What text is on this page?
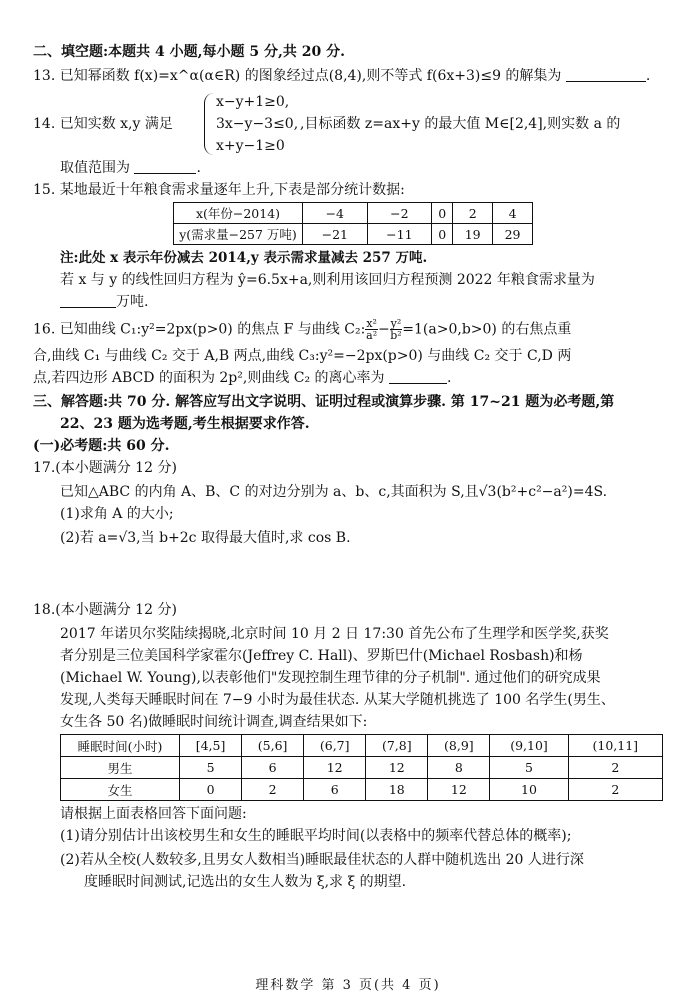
二、填空题:本题共 4 小题,每小题 5 分,共 20 分.
13. 已知幂函数 f(x)=x^α(α∈R) 的图象经过点(8,4),则不等式 f(6x+3)≤9 的解集为	.
14. 已知实数 x,y 满足
x−y+1≥0,
3x−y−3≤0,
x+y−1≥0
,目标函数 z=ax+y 的最大值 M∈[2,4],则实数 a 的
取值范围为	.
15. 某地最近十年粮食需求量逐年上升,下表是部分统计数据:
x(年份−2014)	−4	−2	0	2	4
y(需求量−257 万吨)	−21	−11	0	19	29
注:此处 x 表示年份减去 2014,y 表示需求量减去 257 万吨.
若 x 与 y 的线性回归方程为 ŷ=6.5x+a,则利用该回归方程预测 2022 年粮食需求量为
万吨.
16. 已知曲线 C₁:y²=2px(p>0) 的焦点 F 与曲线 C₂: $\frac{\text{x²}}{\text{a²}} - \frac{\text{y²}}{\text{b²}} =1(a>0,b>0)$ 的右焦点重
合,曲线 C₁ 与曲线 C₂ 交于 A,B 两点,曲线 C₃:y²=−2px(p>0) 与曲线 C₂ 交于 C,D 两
点,若四边形 ABCD 的面积为 2p²,则曲线 C₂ 的离心率为	.
三、解答题:共 70 分. 解答应写出文字说明、证明过程或演算步骤. 第 17~21 题为必考题,第
22、23 题为选考题,考生根据要求作答.
(一)必考题:共 60 分.
17.(本小题满分 12 分)
已知△ABC 的内角 A、B、C 的对边分别为 a、b、c,其面积为 S,且√3(b²+c²−a²)=4S.
(1)求角 A 的大小;
(2)若 a=√3,当 b+2c 取得最大值时,求 cos B.
18.(本小题满分 12 分)
2017 年诺贝尔奖陆续揭晓,北京时间 10 月 2 日 17:30 首先公布了生理学和医学奖,获奖
者分别是三位美国科学家霍尔(Jeffrey C. Hall)、罗斯巴什(Michael Rosbash)和杨
(Michael W. Young),以表彰他们"发现控制生理节律的分子机制". 通过他们的研究成果
发现,人类每天睡眠时间在 7−9 小时为最佳状态. 从某大学随机挑选了 100 名学生(男生、
女生各 50 名)做睡眠时间统计调查,调查结果如下:
睡眠时间(小时)	[4,5]	(5,6]	(6,7]	(7,8]	(8,9]	(9,10]	(10,11]
男生	5	6	12	12	8	5	2
女生	0	2	6	18	12	10	2
请根据上面表格回答下面问题:
(1)请分别估计出该校男生和女生的睡眠平均时间(以表格中的频率代替总体的概率);
(2)若从全校(人数较多,且男女人数相当)睡眠最佳状态的人群中随机选出 20 人进行深
度睡眠时间测试,记选出的女生人数为 ξ,求 ξ 的期望.
理科数学 第 3 页(共 4 页)
